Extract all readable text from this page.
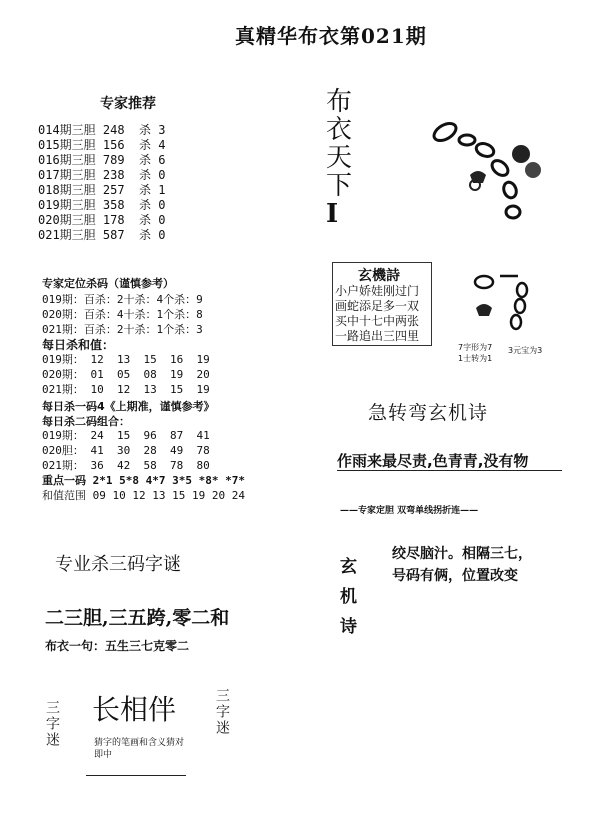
真精华布衣第021期
专家推荐
014期三胆 248  杀 3
015期三胆 156  杀 4
016期三胆 789  杀 6
017期三胆 238  杀 0
018期三胆 257  杀 1
019期三胆 358  杀 0
020期三胆 178  杀 0
021期三胆 587  杀 0
专家定位杀码（谨慎参考）
019期：百杀：2十杀：4个杀：9
020期：百杀：4十杀：1个杀：8
021期：百杀：2十杀：1个杀：3
每日杀和值：
019期： 12  13  15  16  19
020期： 01  05  08  19  20
021期： 10  12  13  15  19
每日杀一码4《上期准，谨慎参考》
每日杀二码组合：
019期： 24  15  96  87  41
020胆： 41  30  28  49  78
021期： 36  42  58  78  80
重点一码 2*1 5*8 4*7 3*5 *8* *7*
和值范围 09 10 12 13 15 19 20 24
专业杀三码字谜
二三胆,三五跨,零二和
布衣一句：五生三七克零二
三字迷 长相伴	三字迷
猜字的笔画和含义猜对即中
布
衣
天
下
I
玄機詩
小户娇娃刚过门
画蛇添足多一双
买中十七中两张
一路追出三四里
7字形为7
1士转为1
3元宝为3
急转弯玄机诗
作雨来最尽责,色青青,没有物
——专家定胆 双弯单线拐折连——
玄
机
诗
绞尽脑汁。相隔三七，
号码有俩，位置改变
